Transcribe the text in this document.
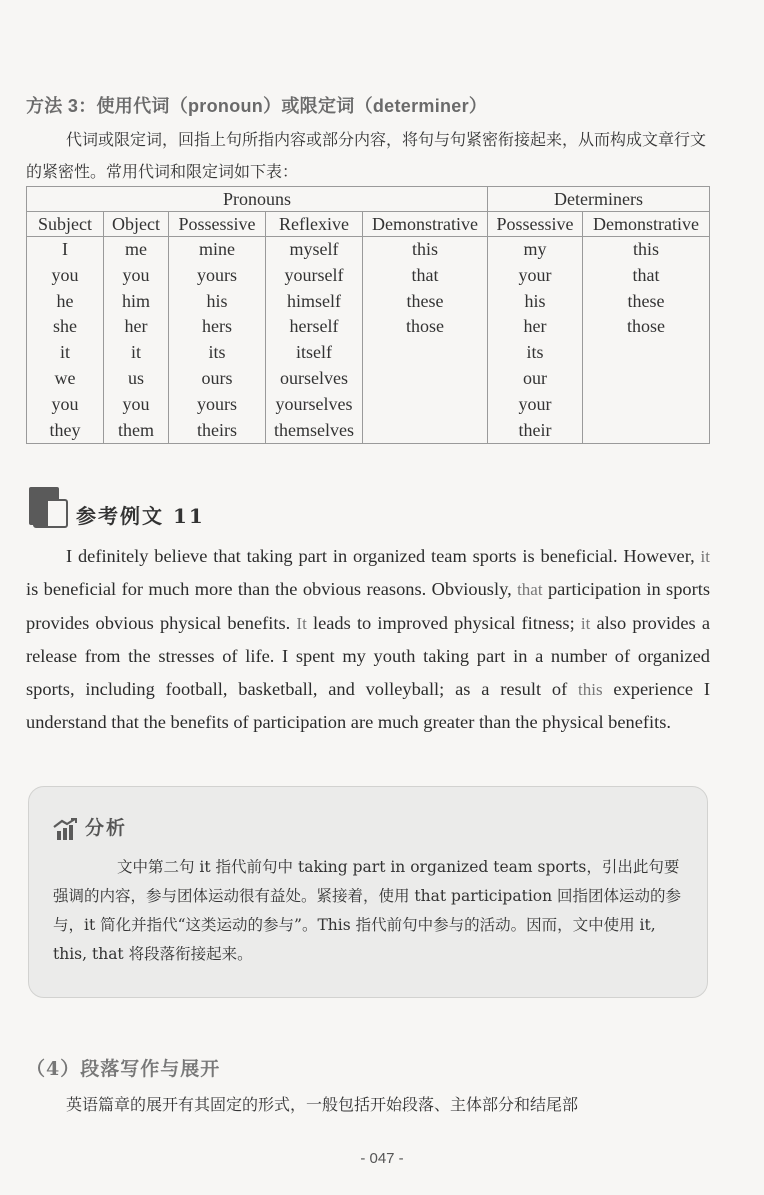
方法 3：使用代词（pronoun）或限定词（determiner）
代词或限定词，回指上句所指内容或部分内容，将句与句紧密衔接起来，从而构成文章行文的紧密性。常用代词和限定词如下表：
Pronouns					Determiners	
Subject	Object	Possessive	Reflexive	Demonstrative	Possessive	Demonstrative
I	me	mine	myself	this	my	this
you	you	yours	yourself	that	your	that
he	him	his	himself	these	his	these
she	her	hers	herself	those	her	those
it	it	its	itself		its	
we	us	ours	ourselves		our	
you	you	yours	yourselves		your	
they	them	theirs	themselves		their	
参考例文 11
I definitely believe that taking part in organized team sports is beneficial. However, it is beneficial for much more than the obvious reasons. Obviously, that participation in sports provides obvious physical benefits. It leads to improved physical fitness; it also provides a release from the stresses of life. I spent my youth taking part in a number of organized sports, including football, basketball, and volleyball; as a result of this experience I understand that the benefits of participation are much greater than the physical benefits.
分析
文中第二句 it 指代前句中 taking part in organized team sports，引出此句要强调的内容，参与团体运动很有益处。紧接着，使用 that participation 回指团体运动的参与，it 简化并指代“这类运动的参与”。This 指代前句中参与的活动。因而，文中使用 it, this, that 将段落衔接起来。
（4）段落写作与展开
英语篇章的展开有其固定的形式，一般包括开始段落、主体部分和结尾部
- 047 -
